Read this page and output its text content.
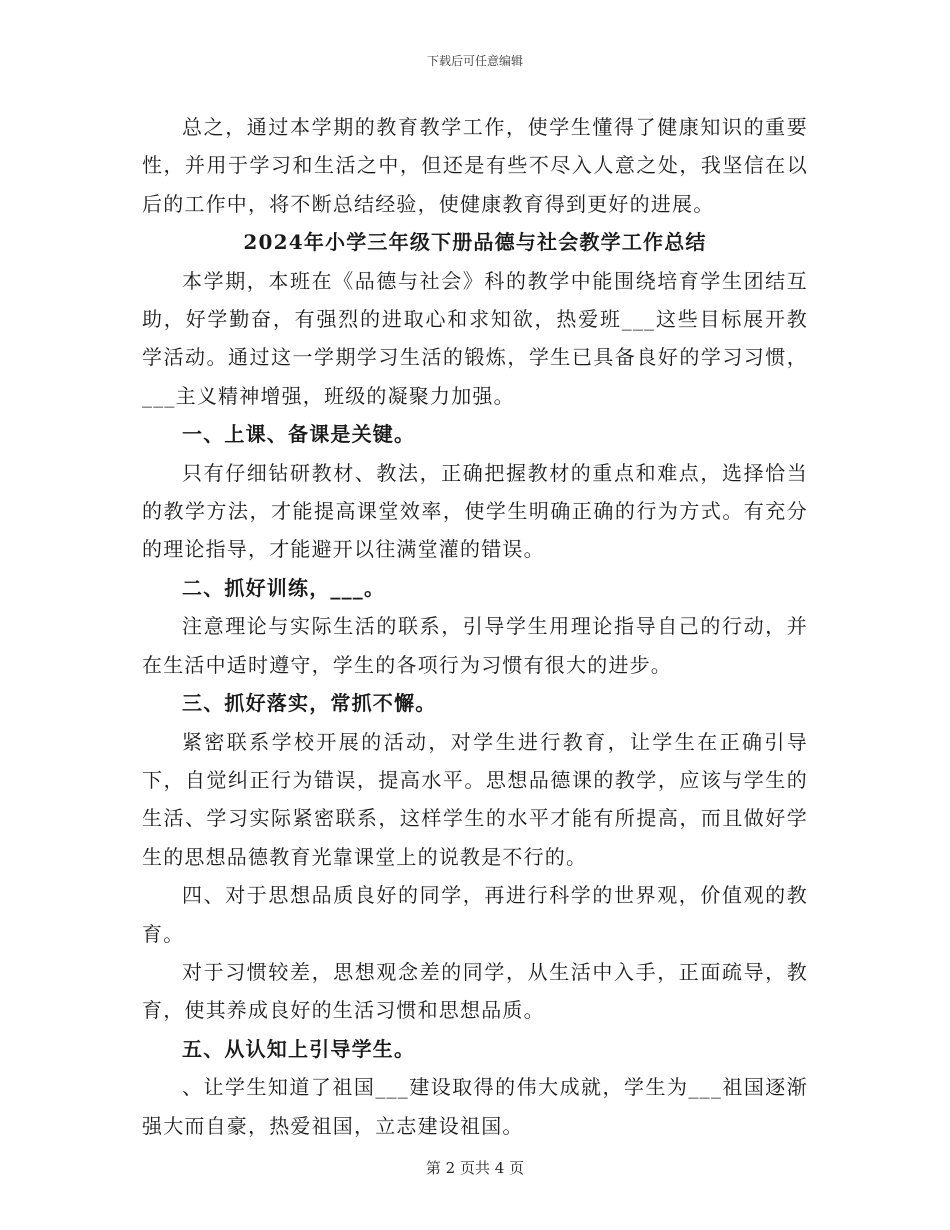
下载后可任意编辑

总之，通过本学期的教育教学工作，使学生懂得了健康知识的重要性，并用于学习和生活之中，但还是有些不尽入人意之处，我坚信在以后的工作中，将不断总结经验，使健康教育得到更好的进展。

2024年小学三年级下册品德与社会教学工作总结

本学期，本班在《品德与社会》科的教学中能围绕培育学生团结互助，好学勤奋，有强烈的进取心和求知欲，热爱班___这些目标展开教学活动。通过这一学期学习生活的锻炼，学生已具备良好的学习习惯，___主义精神增强，班级的凝聚力加强。

一、上课、备课是关键。

只有仔细钻研教材、教法，正确把握教材的重点和难点，选择恰当的教学方法，才能提高课堂效率，使学生明确正确的行为方式。有充分的理论指导，才能避开以往满堂灌的错误。

二、抓好训练，___。

注意理论与实际生活的联系，引导学生用理论指导自己的行动，并在生活中适时遵守，学生的各项行为习惯有很大的进步。

三、抓好落实，常抓不懈。

紧密联系学校开展的活动，对学生进行教育，让学生在正确引导下，自觉纠正行为错误，提高水平。思想品德课的教学，应该与学生的生活、学习实际紧密联系，这样学生的水平才能有所提高，而且做好学生的思想品德教育光靠课堂上的说教是不行的。

四、对于思想品质良好的同学，再进行科学的世界观，价值观的教育。

对于习惯较差，思想观念差的同学，从生活中入手，正面疏导，教育，使其养成良好的生活习惯和思想品质。

五、从认知上引导学生。

、让学生知道了祖国___建设取得的伟大成就，学生为___祖国逐渐强大而自豪，热爱祖国，立志建设祖国。

第 2 页共 4 页
